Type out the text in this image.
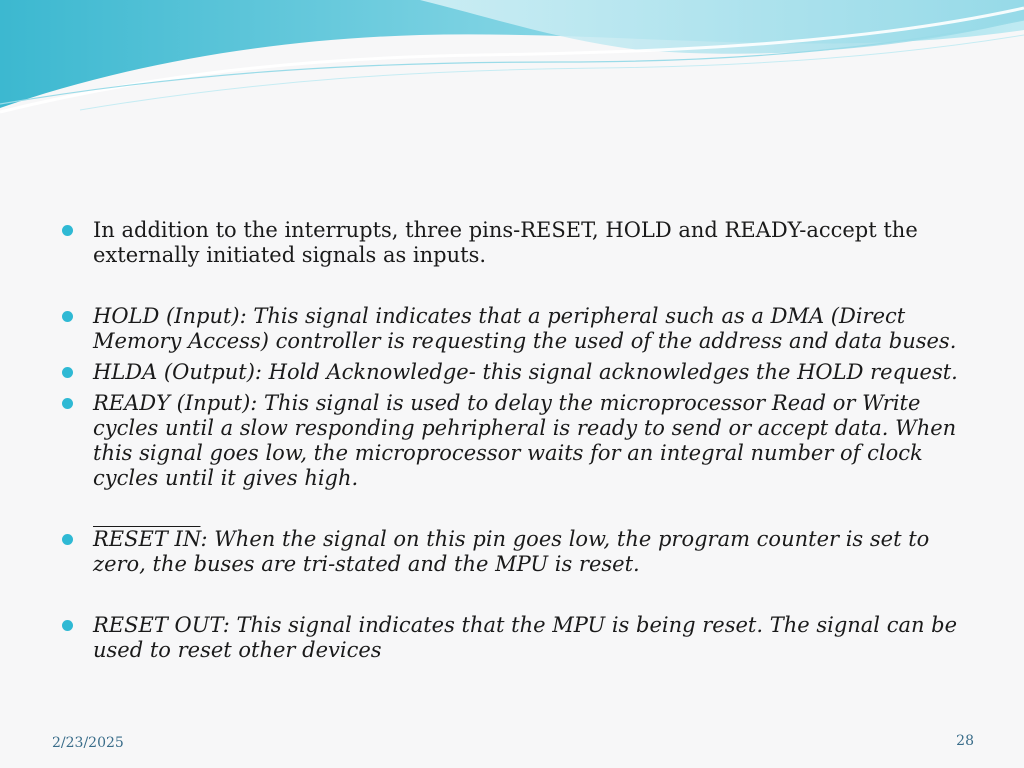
In addition to the interrupts, three pins-RESET, HOLD and READY-accept the externally initiated signals as inputs.
HOLD (Input): This signal indicates that a peripheral such as a DMA (Direct Memory Access) controller is requesting the used of the address and data buses.
HLDA (Output): Hold Acknowledge- this signal acknowledges the HOLD request.
READY (Input): This signal is used to delay the microprocessor Read or Write cycles until a slow responding pehripheral is ready to send or accept data. When this signal goes low, the microprocessor waits for an integral number of clock cycles until it gives high.
RESET IN: When the signal on this pin goes low, the program counter is set to zero, the buses are tri-stated and the MPU is reset.
RESET OUT: This signal indicates that the MPU is being reset. The signal can be used to reset other devices
2/23/2025	28
